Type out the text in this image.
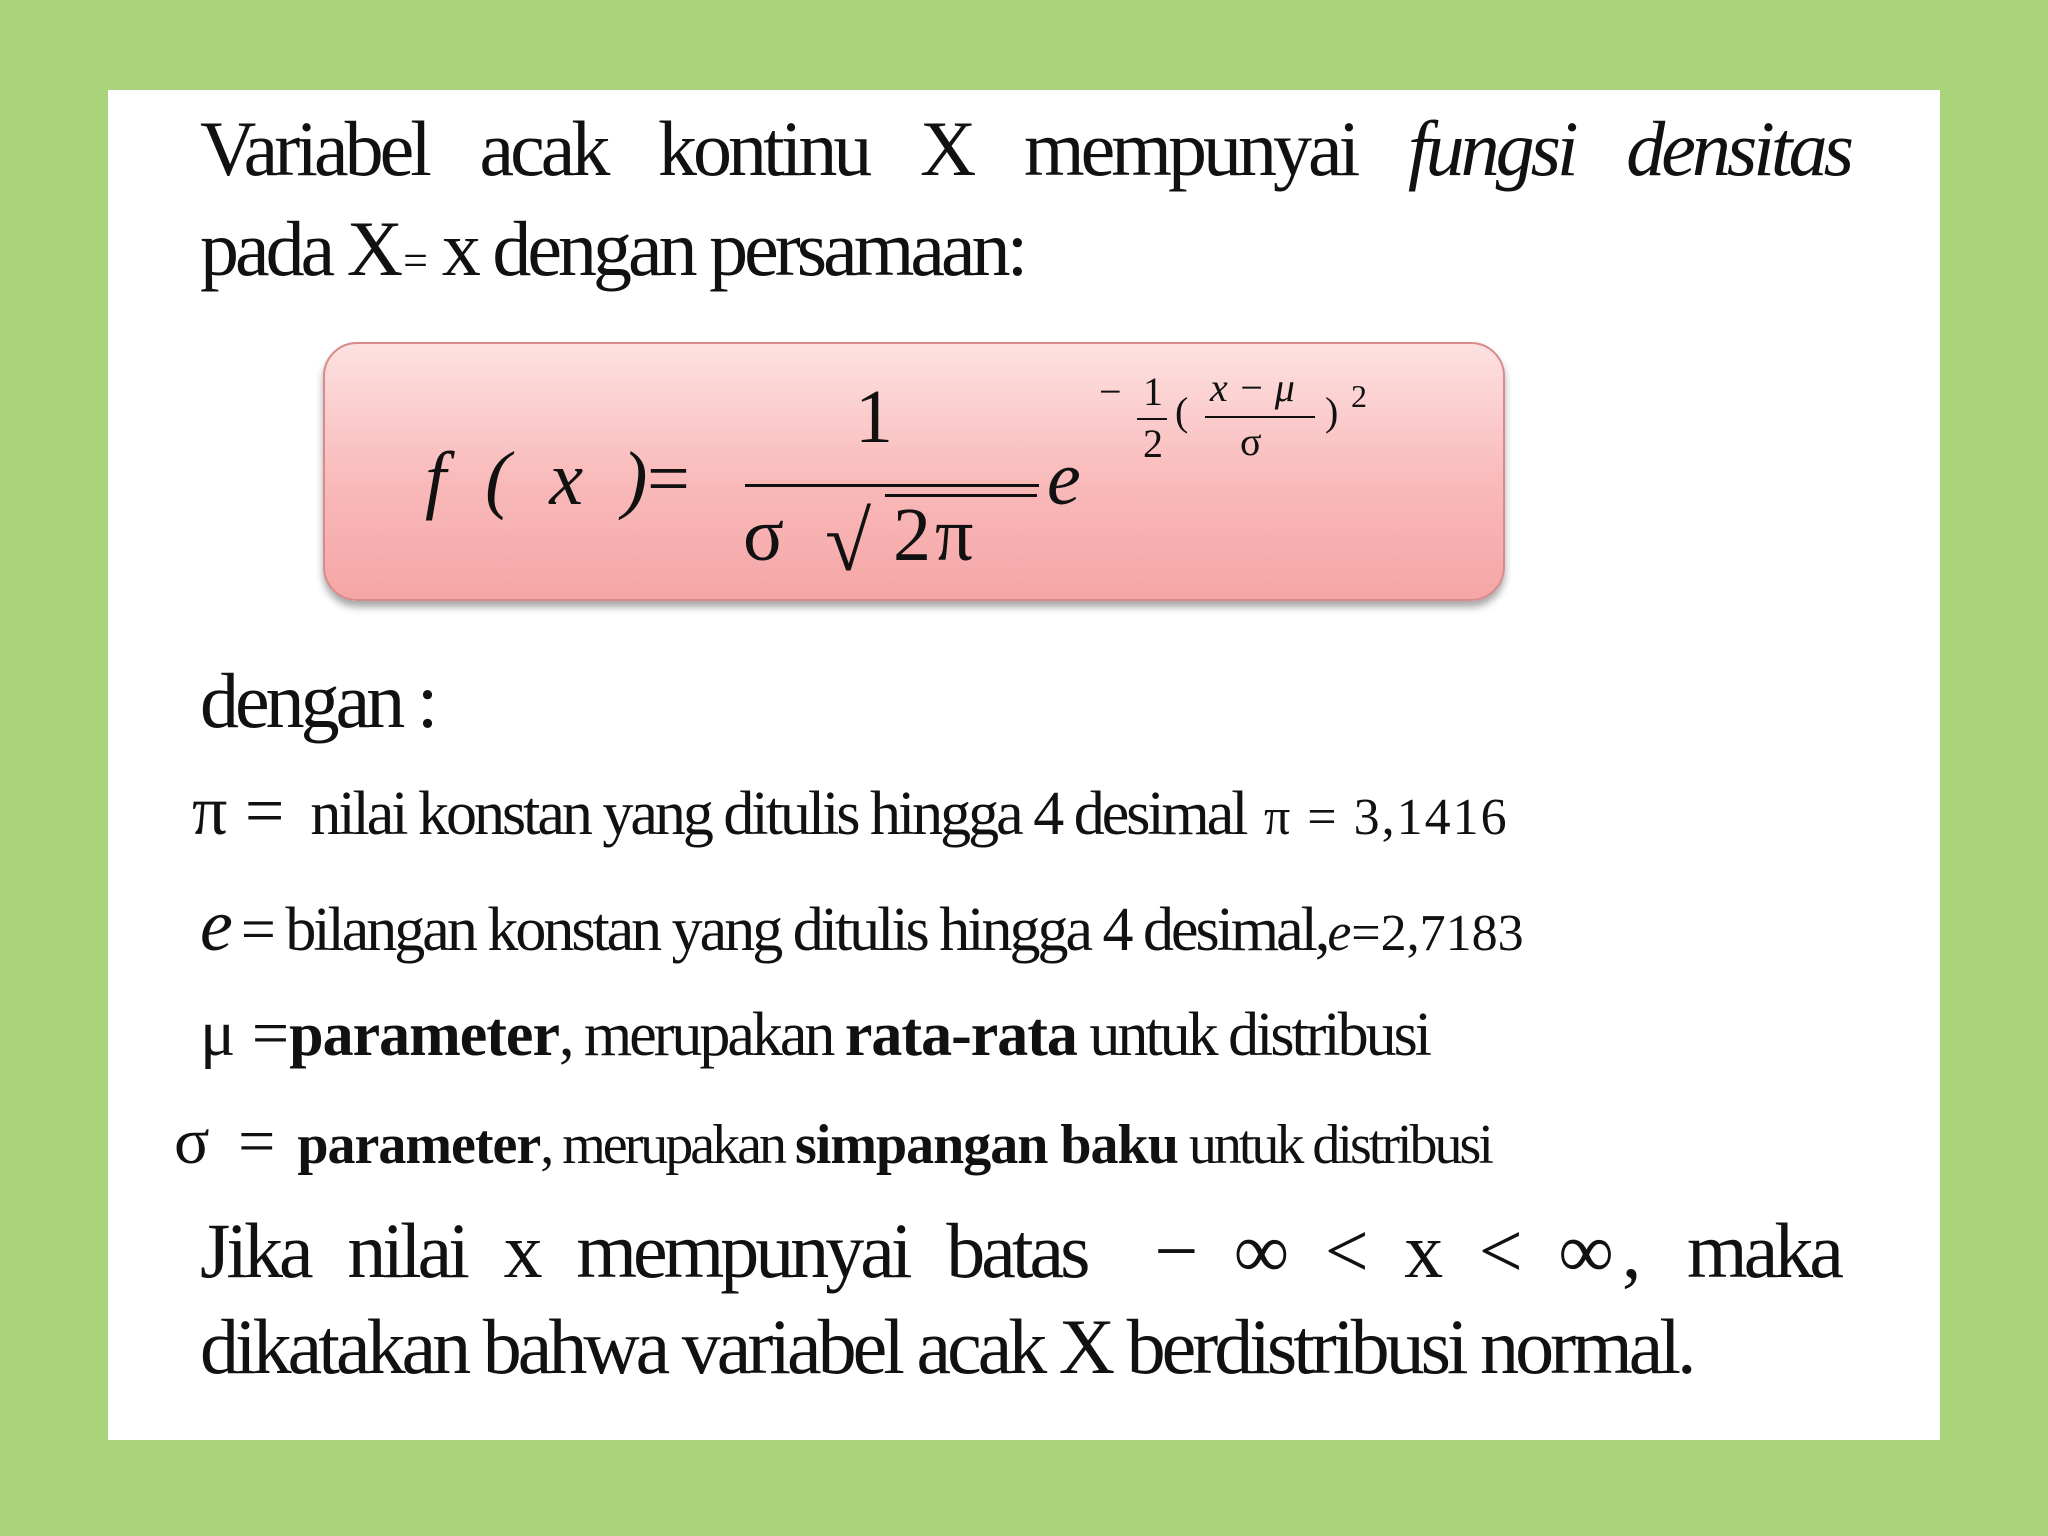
Variabel acak kontinu X mempunyai fungsi densitas
pada X= x dengan persamaan:
f ( x )
=
1
σ √ 2π
e
− 1
2
(
x − μ
σ
) 2
dengan :
π = nilai konstan yang ditulis hingga 4 desimal π = 3,1416
e = bilangan konstan yang ditulis hingga 4 desimal,e=2,7183
μ =parameter, merupakan rata-rata untuk distribusi
σ = parameter, merupakan simpangan baku untuk distribusi
Jika nilai x mempunyai batas − ∞ < x < ∞, maka
dikatakan bahwa variabel acak X berdistribusi normal.
